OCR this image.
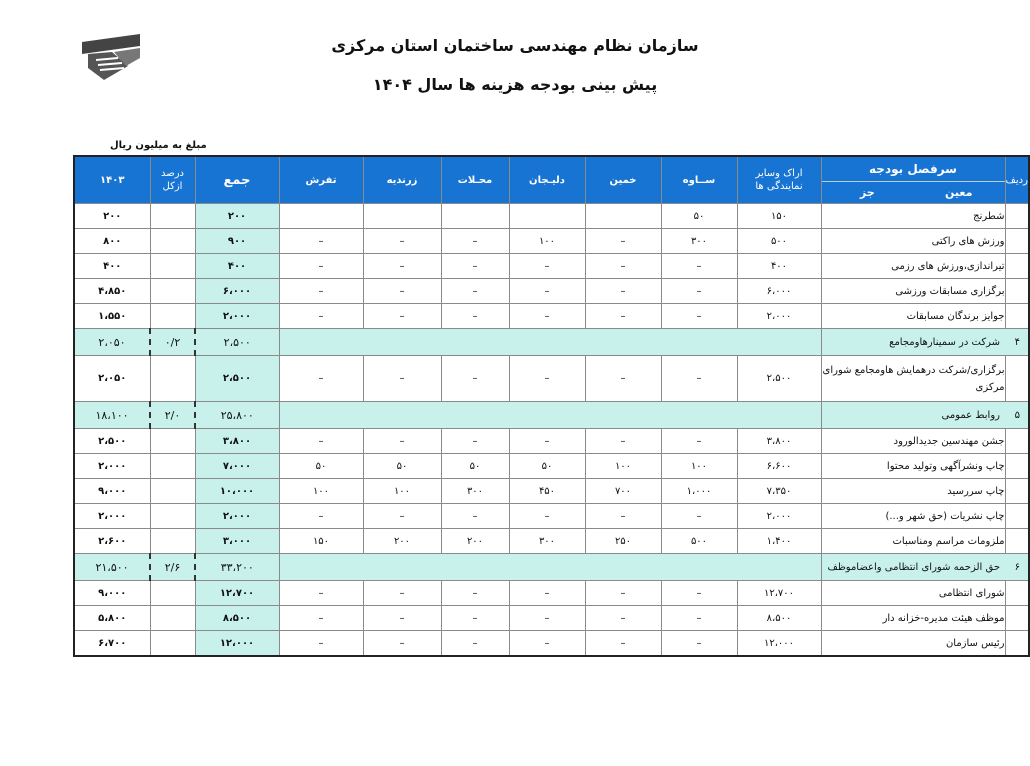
سازمان نظام مهندسی ساختمان استان مرکزی
پیش بینی بودجه هزینه ها سال ۱۴۰۴
مبلغ به میلیون ریال
ردیف	سرفصل بودجه
معین
جز	اراک وسایر نمایندگی ها	ســاوه	خمین	دلیـجان	محـلات	زرندیه	تفرش	جمع	درصد ازکل	۱۴۰۳
	شطرنج	۱۵۰	۵۰						۲۰۰		۲۰۰
	ورزش های راکتی	۵۰۰	۳۰۰	–	۱۰۰	–	–	–	۹۰۰		۸۰۰
	تیراندازی،ورزش های رزمی	۴۰۰	–	–	–	–	–	–	۴۰۰		۴۰۰
	برگزاری مسابقات ورزشی	۶،۰۰۰	–	–	–	–	–	–	۶،۰۰۰		۴،۸۵۰
	جوایز برندگان مسابقات	۲،۰۰۰	–	–	–	–	–	–	۲،۰۰۰		۱،۵۵۰
۴شرکت در سمینارهاومجامع									۲،۵۰۰	۰/۲	۲،۰۵۰
	برگزاری/شرکت درهمایش هاومجامع شورای مرکزی	۲،۵۰۰	–	–	–	–	–	–	۲،۵۰۰		۲،۰۵۰
۵روابط عمومی									۲۵،۸۰۰	۲/۰	۱۸،۱۰۰
	جشن مهندسین جدیدالورود	۳،۸۰۰	–	–	–	–	–	–	۳،۸۰۰		۲،۵۰۰
	چاپ ونشرآگهی وتولید محتوا	۶،۶۰۰	۱۰۰	۱۰۰	۵۰	۵۰	۵۰	۵۰	۷،۰۰۰		۲،۰۰۰
	چاپ سررسید	۷،۳۵۰	۱،۰۰۰	۷۰۰	۴۵۰	۳۰۰	۱۰۰	۱۰۰	۱۰،۰۰۰		۹،۰۰۰
	چاپ نشریات (حق شهر و...)	۲،۰۰۰	–	–	–	–	–	–	۲،۰۰۰		۲،۰۰۰
	ملزومات مراسم ومناسبات	۱،۴۰۰	۵۰۰	۲۵۰	۳۰۰	۲۰۰	۲۰۰	۱۵۰	۳،۰۰۰		۲،۶۰۰
۶حق الزحمه شورای انتظامی واعضاموظف									۳۳،۲۰۰	۲/۶	۲۱،۵۰۰
	شورای انتظامی	۱۲،۷۰۰	–	–	–	–	–	–	۱۲،۷۰۰		۹،۰۰۰
	موظف هیئت مدیره-خزانه دار	۸،۵۰۰	–	–	–	–	–	–	۸،۵۰۰		۵،۸۰۰
	رئیس سازمان	۱۲،۰۰۰	–	–	–	–	–	–	۱۲،۰۰۰		۶،۷۰۰
